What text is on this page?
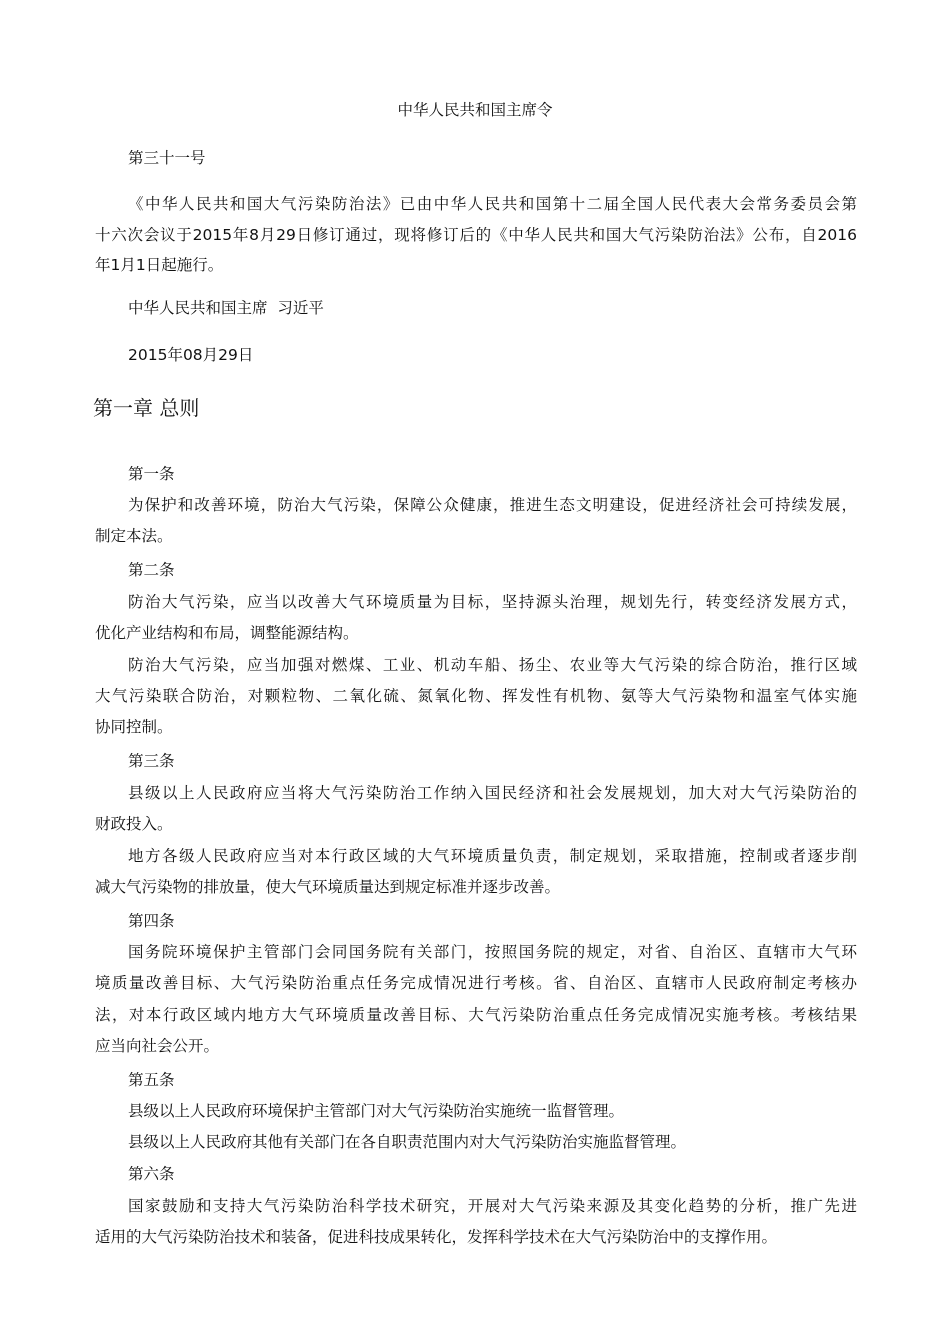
中华人民共和国主席令
第三十一号
《中华人民共和国大气污染防治法》已由中华人民共和国第十二届全国人民代表大会常务委员会第
十六次会议于2015年8月29日修订通过，现将修订后的《中华人民共和国大气污染防治法》公布，自2016
年1月1日起施行。
中华人民共和国主席  习近平
2015年08月29日
第一章 总则
第一条
为保护和改善环境，防治大气污染，保障公众健康，推进生态文明建设，促进经济社会可持续发展，
制定本法。
第二条
防治大气污染，应当以改善大气环境质量为目标，坚持源头治理，规划先行，转变经济发展方式，
优化产业结构和布局，调整能源结构。
防治大气污染，应当加强对燃煤、工业、机动车船、扬尘、农业等大气污染的综合防治，推行区域
大气污染联合防治，对颗粒物、二氧化硫、氮氧化物、挥发性有机物、氨等大气污染物和温室气体实施
协同控制。
第三条
县级以上人民政府应当将大气污染防治工作纳入国民经济和社会发展规划，加大对大气污染防治的
财政投入。
地方各级人民政府应当对本行政区域的大气环境质量负责，制定规划，采取措施，控制或者逐步削
减大气污染物的排放量，使大气环境质量达到规定标准并逐步改善。
第四条
国务院环境保护主管部门会同国务院有关部门，按照国务院的规定，对省、自治区、直辖市大气环
境质量改善目标、大气污染防治重点任务完成情况进行考核。省、自治区、直辖市人民政府制定考核办
法，对本行政区域内地方大气环境质量改善目标、大气污染防治重点任务完成情况实施考核。考核结果
应当向社会公开。
第五条
县级以上人民政府环境保护主管部门对大气污染防治实施统一监督管理。
县级以上人民政府其他有关部门在各自职责范围内对大气污染防治实施监督管理。
第六条
国家鼓励和支持大气污染防治科学技术研究，开展对大气污染来源及其变化趋势的分析，推广先进
适用的大气污染防治技术和装备，促进科技成果转化，发挥科学技术在大气污染防治中的支撑作用。
